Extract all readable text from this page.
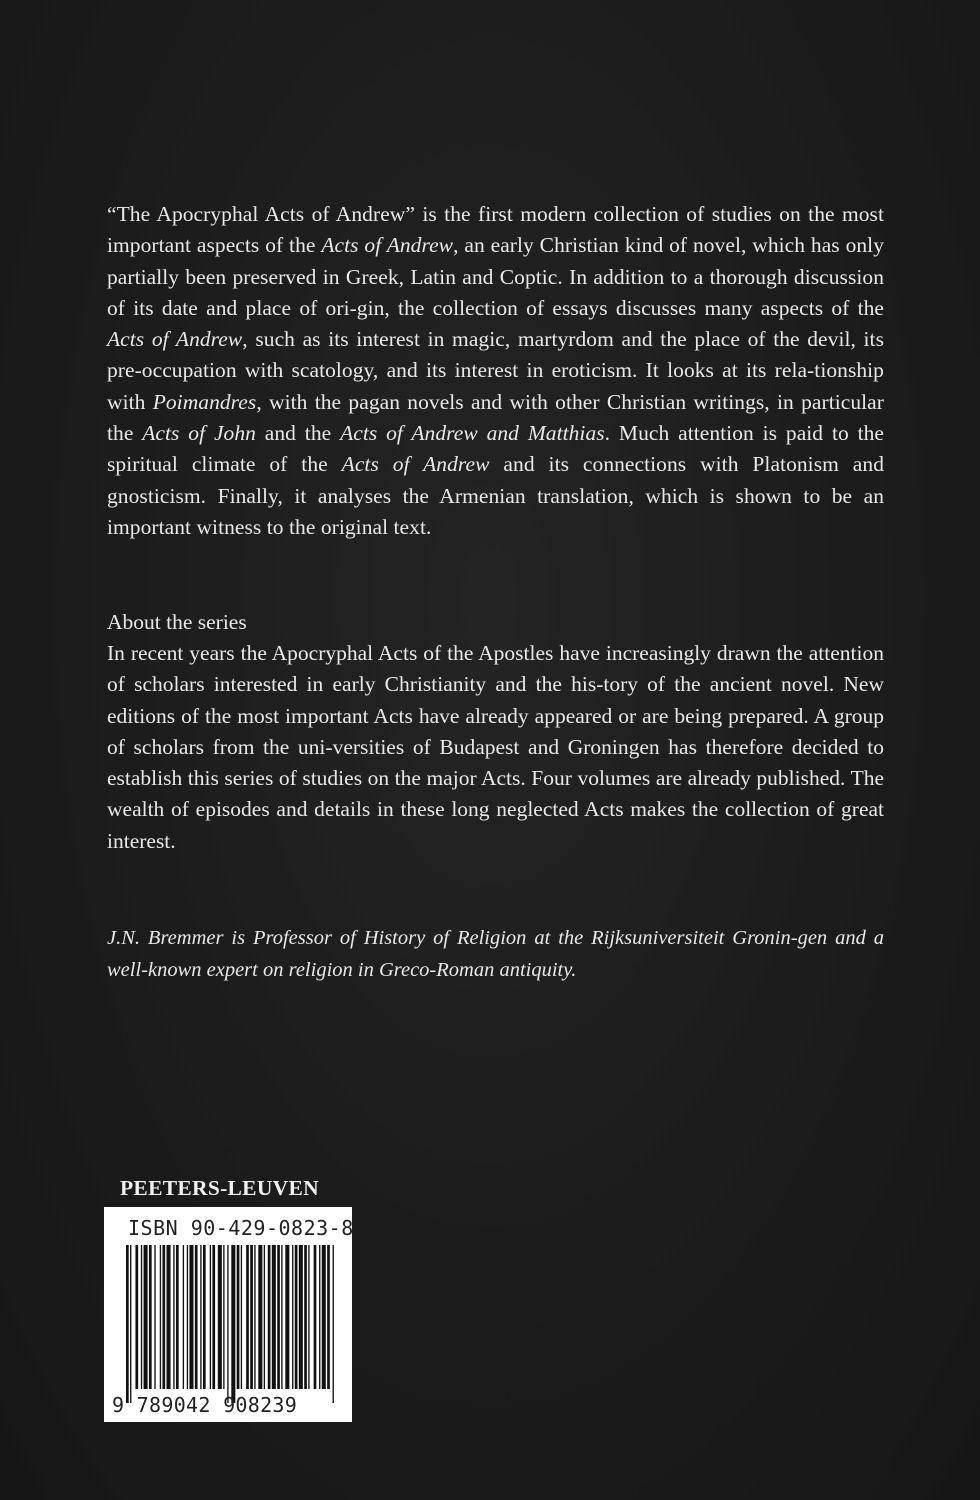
“The Apocryphal Acts of Andrew” is the first modern collection of studies on the most important aspects of the Acts of Andrew, an early Christian kind of novel, which has only partially been preserved in Greek, Latin and Coptic. In addition to a thorough discussion of its date and place of ori-gin, the collection of essays discusses many aspects of the Acts of Andrew, such as its interest in magic, martyrdom and the place of the devil, its pre-occupation with scatology, and its interest in eroticism. It looks at its rela-tionship with Poimandres, with the pagan novels and with other Christian writings, in particular the Acts of John and the Acts of Andrew and Matthias. Much attention is paid to the spiritual climate of the Acts of Andrew and its connections with Platonism and gnosticism. Finally, it analyses the Armenian translation, which is shown to be an important witness to the original text.

About the series
In recent years the Apocryphal Acts of the Apostles have increasingly drawn the attention of scholars interested in early Christianity and the his-tory of the ancient novel. New editions of the most important Acts have already appeared or are being prepared. A group of scholars from the uni-versities of Budapest and Groningen has therefore decided to establish this series of studies on the major Acts. Four volumes are already published. The wealth of episodes and details in these long neglected Acts makes the collection of great interest.
J.N. Bremmer is Professor of History of Religion at the Rijksuniversiteit Gronin-gen and a well-known expert on religion in Greco-Roman antiquity.
PEETERS-LEUVEN
ISBN 90-429-0823-8
9 789042 908239
